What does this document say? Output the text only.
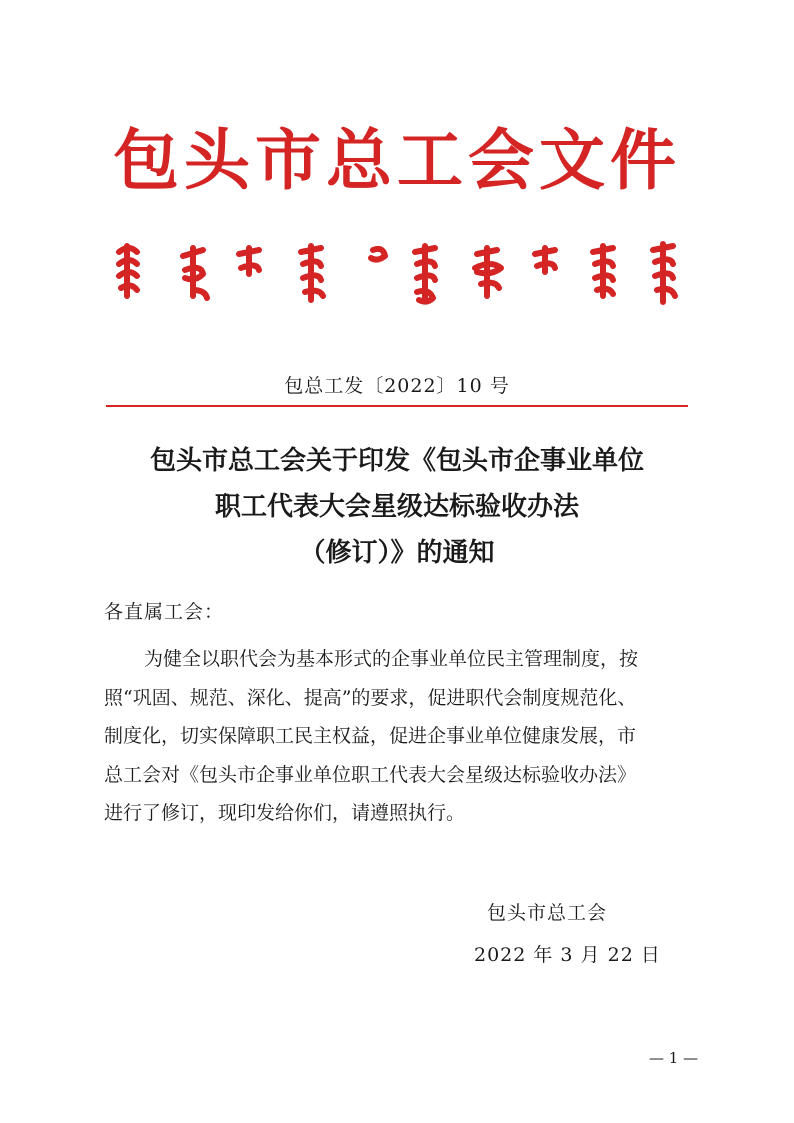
包头市总工会文件
包总工发〔2022〕10 号
包头市总工会关于印发《包头市企事业单位
职工代表大会星级达标验收办法
（修订）》的通知
各直属工会：
为健全以职代会为基本形式的企事业单位民主管理制度，按
照“巩固、规范、深化、提高”的要求，促进职代会制度规范化、
制度化，切实保障职工民主权益，促进企事业单位健康发展，市
总工会对《包头市企事业单位职工代表大会星级达标验收办法》
进行了修订，现印发给你们，请遵照执行。
包头市总工会
2022 年 3 月 22 日
— 1 —
